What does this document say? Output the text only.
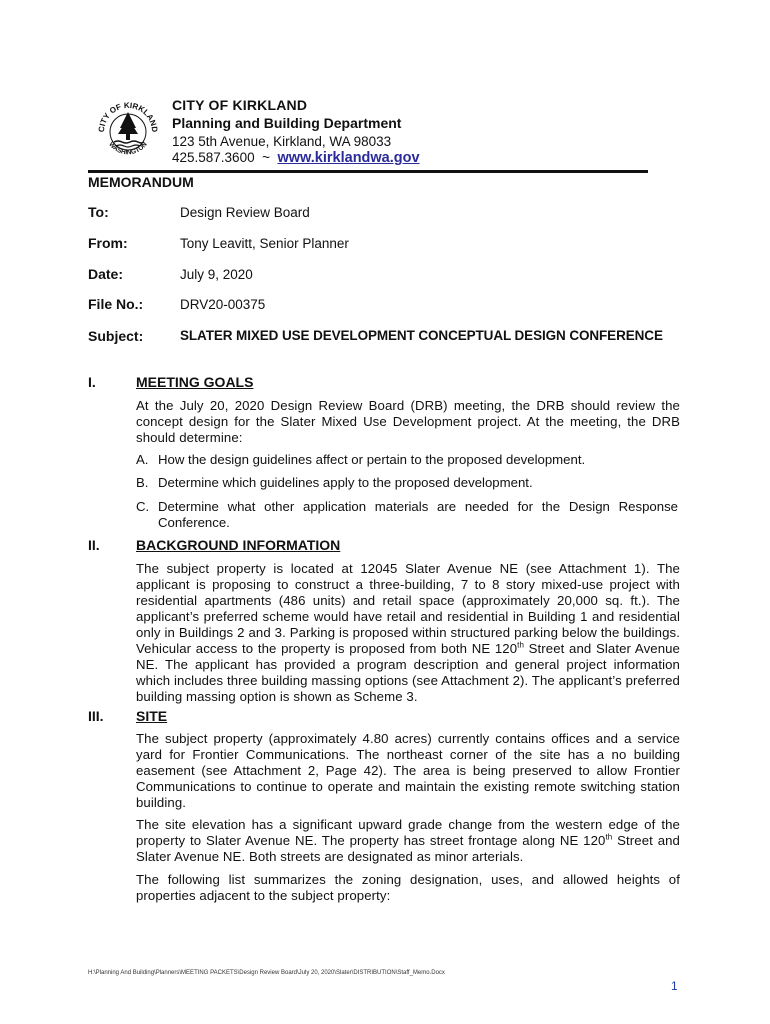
CITY OF KIRKLAND
WASHINGTON
CITY OF KIRKLAND
Planning and Building Department
123 5th Avenue, Kirkland, WA 98033
425.587.3600  ~  www.kirklandwa.gov
MEMORANDUM
To:	Design Review Board
From:	Tony Leavitt, Senior Planner
Date:	July 9, 2020
File No.:	DRV20-00375
Subject:	SLATER MIXED USE DEVELOPMENT CONCEPTUAL DESIGN CONFERENCE
I.	MEETING GOALS
At the July 20, 2020 Design Review Board (DRB) meeting, the DRB should review the concept design for the Slater Mixed Use Development project. At the meeting, the DRB should determine:
A. How the design guidelines affect or pertain to the proposed development.
B. Determine which guidelines apply to the proposed development.
C. Determine what other application materials are needed for the Design Response Conference.
II.	BACKGROUND INFORMATION
The subject property is located at 12045 Slater Avenue NE (see Attachment 1). The applicant is proposing to construct a three-building, 7 to 8 story mixed-use project with residential apartments (486 units) and retail space (approximately 20,000 sq. ft.). The applicant’s preferred scheme would have retail and residential in Building 1 and residential only in Buildings 2 and 3. Parking is proposed within structured parking below the buildings. Vehicular access to the property is proposed from both NE 120th Street and Slater Avenue NE. The applicant has provided a program description and general project information which includes three building massing options (see Attachment 2). The applicant’s preferred building massing option is shown as Scheme 3.
III. SITE
The subject property (approximately 4.80 acres) currently contains offices and a service yard for Frontier Communications. The northeast corner of the site has a no building easement (see Attachment 2, Page 42). The area is being preserved to allow Frontier Communications to continue to operate and maintain the existing remote switching station building.
The site elevation has a significant upward grade change from the western edge of the property to Slater Avenue NE. The property has street frontage along NE 120th Street and Slater Avenue NE. Both streets are designated as minor arterials.
The following list summarizes the zoning designation, uses, and allowed heights of properties adjacent to the subject property:
H:\Planning And Building\Planners\MEETING PACKETS\Design Review Board\July 20, 2020\Slater\DISTRIBUTION\Staff_Memo.Docx
1
